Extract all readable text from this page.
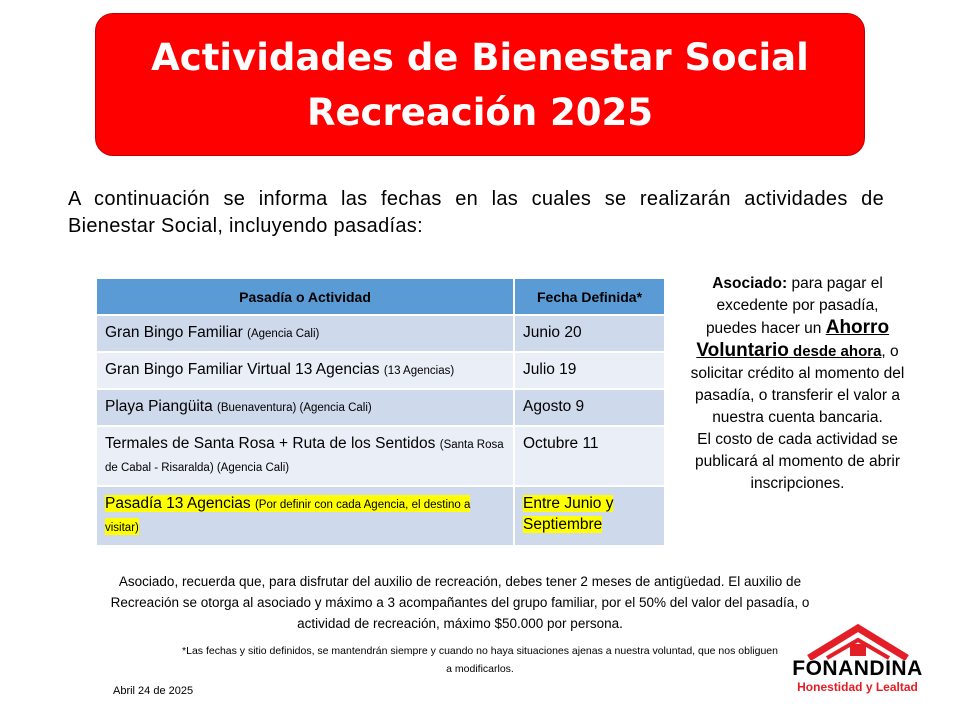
Actividades de Bienestar Social
Recreación 2025

A continuación se informa las fechas en las cuales se realizarán actividades de Bienestar Social, incluyendo pasadías:

Pasadía o Actividad	Fecha Definida*
Gran Bingo Familiar (Agencia Cali)	Junio 20
Gran Bingo Familiar Virtual 13 Agencias (13 Agencias)	Julio 19
Playa Piangüita (Buenaventura) (Agencia Cali)	Agosto 9
Termales de Santa Rosa + Ruta de los Sentidos (Santa Rosa de Cabal - Risaralda) (Agencia Cali)	Octubre 11
Pasadía 13 Agencias (Por definir con cada Agencia, el destino a visitar)	Entre Junio y Septiembre
Asociado: para pagar el excedente por pasadía, puedes hacer un Ahorro Voluntario desde ahora, o solicitar crédito al momento del pasadía, o transferir el valor a nuestra cuenta bancaria.
El costo de cada actividad se publicará al momento de abrir inscripciones.

Asociado, recuerda que, para disfrutar del auxilio de recreación, debes tener 2 meses de antigüedad. El auxilio de Recreación se otorga al asociado y máximo a 3 acompañantes del grupo familiar, por el 50% del valor del pasadía, o actividad de recreación, máximo $50.000 por persona.

*Las fechas y sitio definidos, se mantendrán siempre y cuando no haya situaciones ajenas a nuestra voluntad, que nos obliguen a modificarlos.

Abril 24 de 2025
FONANDINA
Honestidad y Lealtad
